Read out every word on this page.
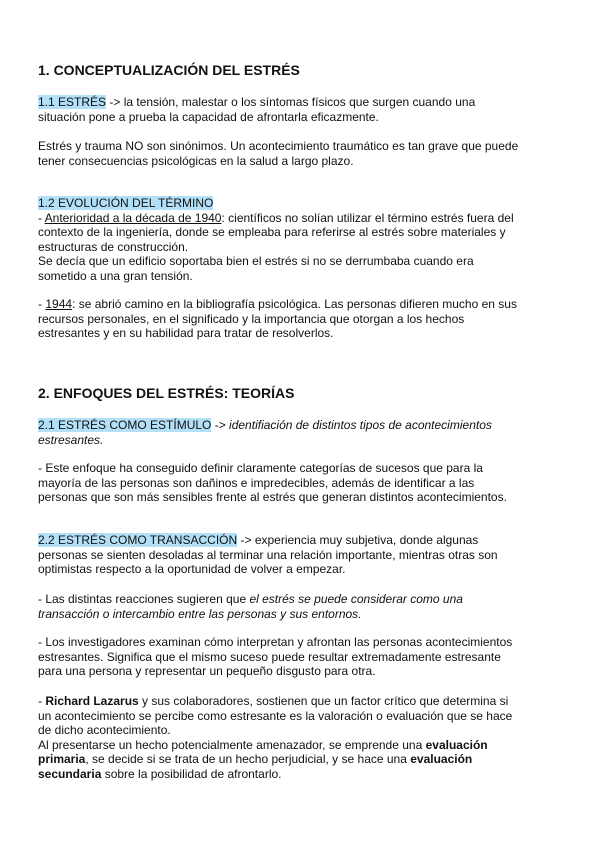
1. CONCEPTUALIZACIÓN DEL ESTRÉS
1.1 ESTRÉS -> la tensión, malestar o los síntomas físicos que surgen cuando una
situación pone a prueba la capacidad de afrontarla eficazmente.
Estrés y trauma NO son sinónimos. Un acontecimiento traumático es tan grave que puede
tener consecuencias psicológicas en la salud a largo plazo.
1.2 EVOLUCIÓN DEL TÉRMINO
- Anterioridad a la década de 1940: científicos no solían utilizar el término estrés fuera del
contexto de la ingeniería, donde se empleaba para referirse al estrés sobre materiales y
estructuras de construcción.
Se decía que un edificio soportaba bien el estrés si no se derrumbaba cuando era
sometido a una gran tensión.
- 1944: se abrió camino en la bibliografía psicológica. Las personas difieren mucho en sus
recursos personales, en el significado y la importancia que otorgan a los hechos
estresantes y en su habilidad para tratar de resolverlos.
2. ENFOQUES DEL ESTRÉS: TEORÍAS
2.1 ESTRÉS COMO ESTÍMULO -> identifiación de distintos tipos de acontecimientos
estresantes.
- Este enfoque ha conseguido definir claramente categorías de sucesos que para la
mayoría de las personas son dañinos e impredecibles, además de identificar a las
personas que son más sensibles frente al estrés que generan distintos acontecimientos.
2.2 ESTRÉS COMO TRANSACCIÓN -> experiencia muy subjetiva, donde algunas
personas se sienten desoladas al terminar una relación importante, mientras otras son
optimistas respecto a la oportunidad de volver a empezar.
- Las distintas reacciones sugieren que el estrés se puede considerar como una
transacción o intercambio entre las personas y sus entornos.
- Los investigadores examinan cómo interpretan y afrontan las personas acontecimientos
estresantes. Significa que el mismo suceso puede resultar extremadamente estresante
para una persona y representar un pequeño disgusto para otra.
- Richard Lazarus y sus colaboradores, sostienen que un factor crítico que determina si
un acontecimiento se percibe como estresante es la valoración o evaluación que se hace
de dicho acontecimiento.
Al presentarse un hecho potencialmente amenazador, se emprende una evaluación
primaria, se decide si se trata de un hecho perjudicial, y se hace una evaluación
secundaria sobre la posibilidad de afrontarlo.
